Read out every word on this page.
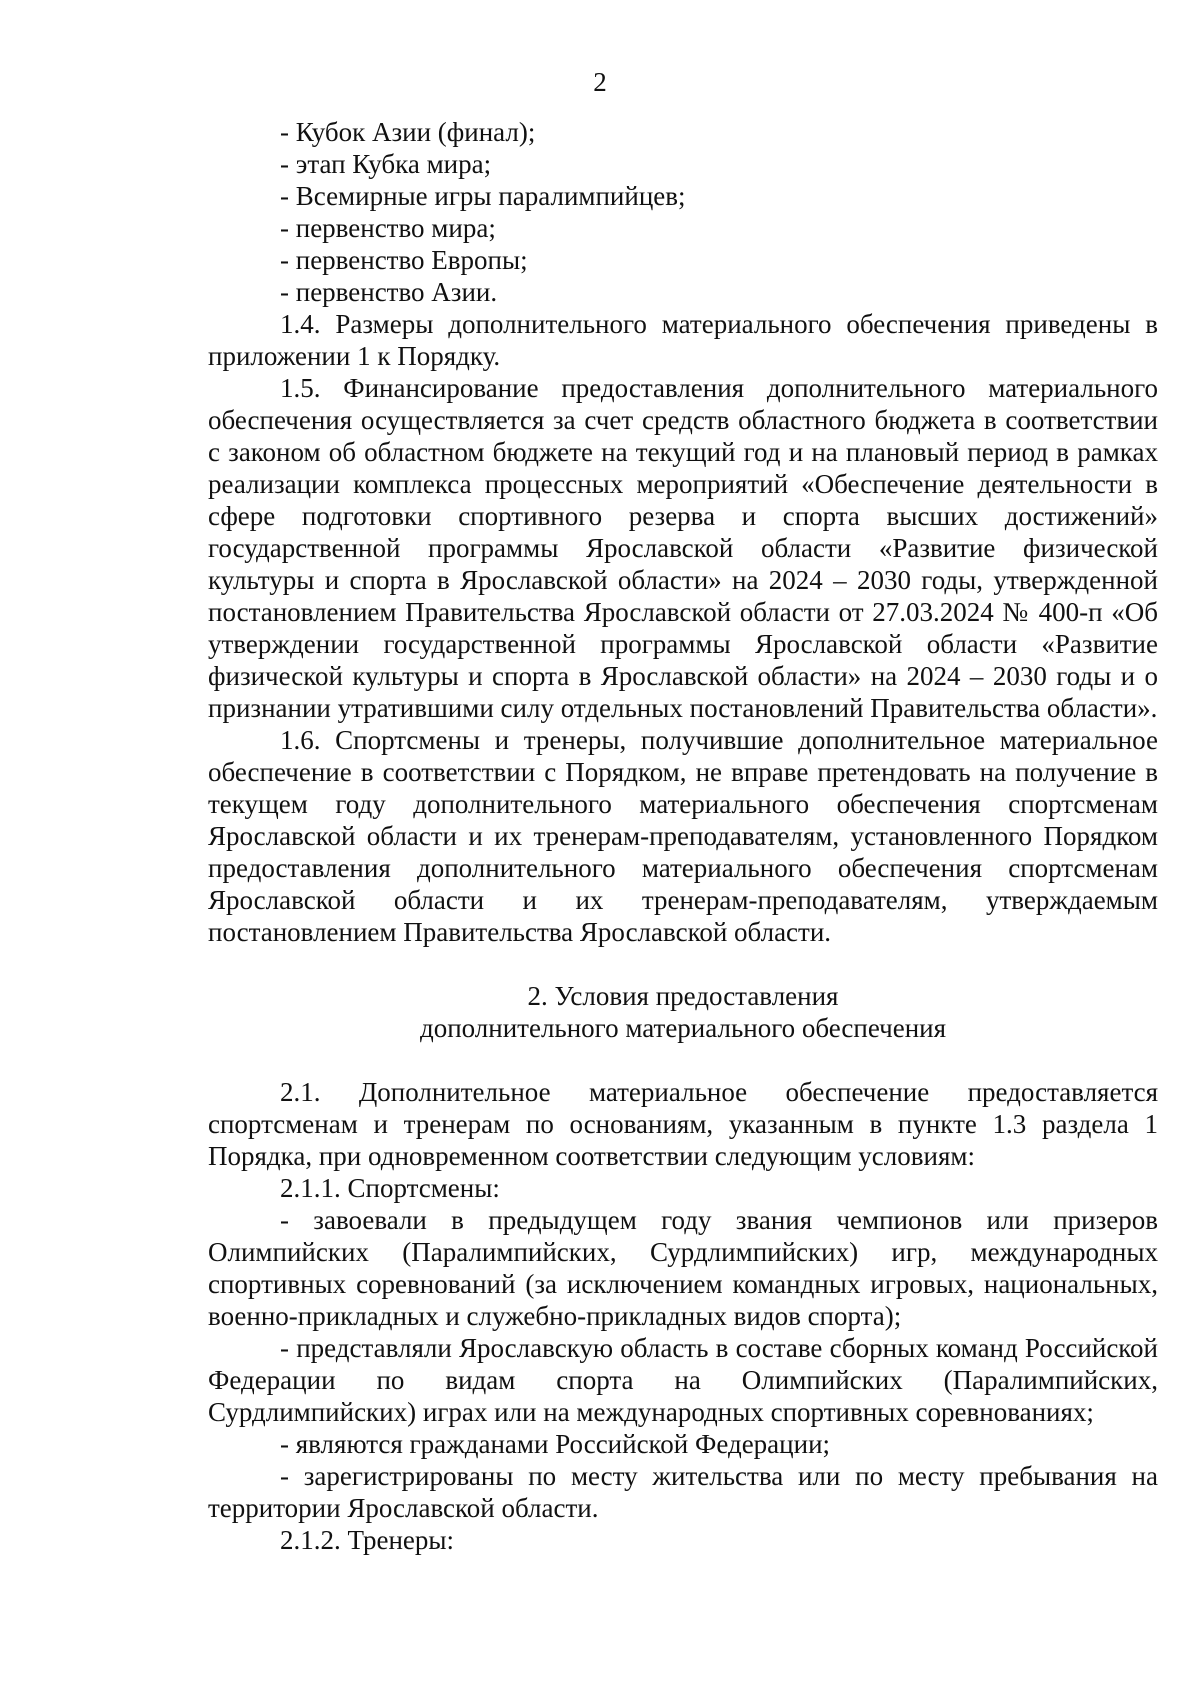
2

- Кубок Азии (финал);

- этап Кубка мира;

- Всемирные игры паралимпийцев;

- первенство мира;

- первенство Европы;

- первенство Азии.

1.4. Размеры дополнительного материального обеспечения приведены в приложении 1 к Порядку.

1.5. Финансирование предоставления дополнительного материального обеспечения осуществляется за счет средств областного бюджета в соответствии с законом об областном бюджете на текущий год и на плановый период в рамках реализации комплекса процессных мероприятий «Обеспечение деятельности в сфере подготовки спортивного резерва и спорта высших достижений» государственной программы Ярославской области «Развитие физической культуры и спорта в Ярославской области» на 2024 – 2030 годы, утвержденной постановлением Правительства Ярославской области от 27.03.2024 № 400-п «Об утверждении государственной программы Ярославской области «Развитие физической культуры и спорта в Ярославской области» на 2024 – 2030 годы и о признании утратившими силу отдельных постановлений Правительства области».

1.6. Спортсмены и тренеры, получившие дополнительное материальное обеспечение в соответствии с Порядком, не вправе претендовать на получение в текущем году дополнительного материального обеспечения спортсменам Ярославской области и их тренерам-преподавателям, установленного Порядком предоставления дополнительного материального обеспечения спортсменам Ярославской области и их тренерам-преподавателям, утверждаемым постановлением Правительства Ярославской области.

2. Условия предоставления

дополнительного материального обеспечения

2.1. Дополнительное материальное обеспечение предоставляется спортсменам и тренерам по основаниям, указанным в пункте 1.3 раздела 1 Порядка, при одновременном соответствии следующим условиям:

2.1.1. Спортсмены:

- завоевали в предыдущем году звания чемпионов или призеров Олимпийских (Паралимпийских, Сурдлимпийских) игр, международных спортивных соревнований (за исключением командных игровых, национальных, военно-прикладных и служебно-прикладных видов спорта);

- представляли Ярославскую область в составе сборных команд Российской Федерации по видам спорта на Олимпийских (Паралимпийских, Сурдлимпийских) играх или на международных спортивных соревнованиях;

- являются гражданами Российской Федерации;

- зарегистрированы по месту жительства или по месту пребывания на территории Ярославской области.

2.1.2. Тренеры:
